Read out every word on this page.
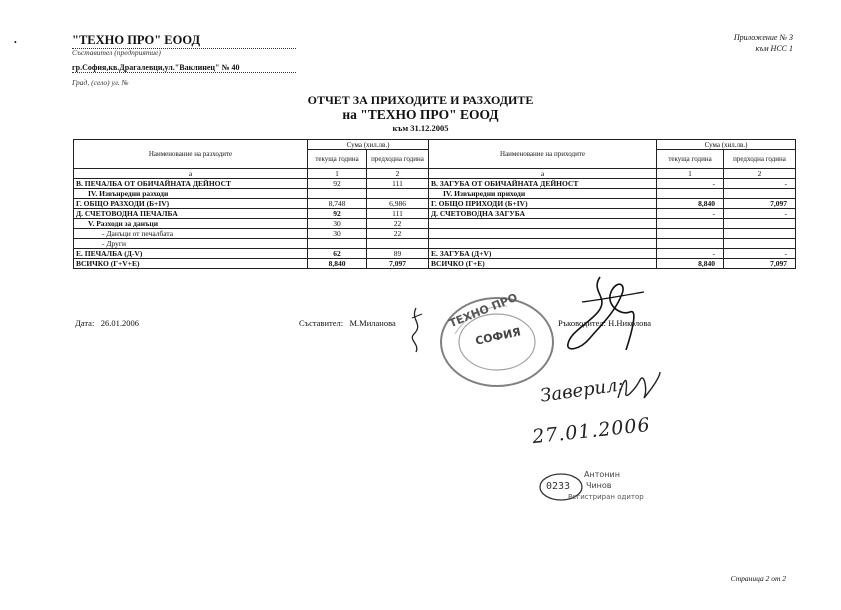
•	"ТЕХНО ПРО" ЕООД
Съставител (предприятие)
гр.София,кв.Драгалевци,ул."Ваклинец" № 40
Град, (село) ул. №
Приложение № 3
към НСС 1
ОТЧЕТ ЗА ПРИХОДИТЕ И РАЗХОДИТЕ
на "ТЕХНО ПРО" ЕООД
към 31.12.2005
Наименование на разходите	Сума (хил.лв.)		Наименование на приходите	Сума (хил.лв.)	
	текуща година	предходна година		текуща година	предходна година
а	1	2	а	1	2
В. ПЕЧАЛБА ОТ ОБИЧАЙНАТА ДЕЙНОСТ	92	111	В. ЗАГУБА ОТ ОБИЧАЙНАТА ДЕЙНОСТ	-	-
IV. Извънредни разходи			IV. Извънредни приходи		
Г. ОБЩО РАЗХОДИ (Б+IV)	8,748	6,986	Г. ОБЩО ПРИХОДИ (Б+IV)	8,840	7,097
Д. СЧЕТОВОДНА ПЕЧАЛБА	92	111	Д. СЧЕТОВОДНА ЗАГУБА	-	-
V. Разходи за данъци	30	22			
- Данъци от печалбата	30	22			
- Други					
Е. ПЕЧАЛБА (Д-V)	62	89	Е. ЗАГУБА (Д+V)	-	-
ВСИЧКО (Г+V+Е)	8,840	7,097	ВСИЧКО (Г+Е)	8,840	7,097
Дата: 26.01.2006	Съставител: М.Миланова	Ръководител: Н.Николова
ТЕХНО ПРО
СОФИЯ
Заверил:
27.01.2006
0233
Антонин
Чинов
Регистриран одитор
Страница 2 от 2
